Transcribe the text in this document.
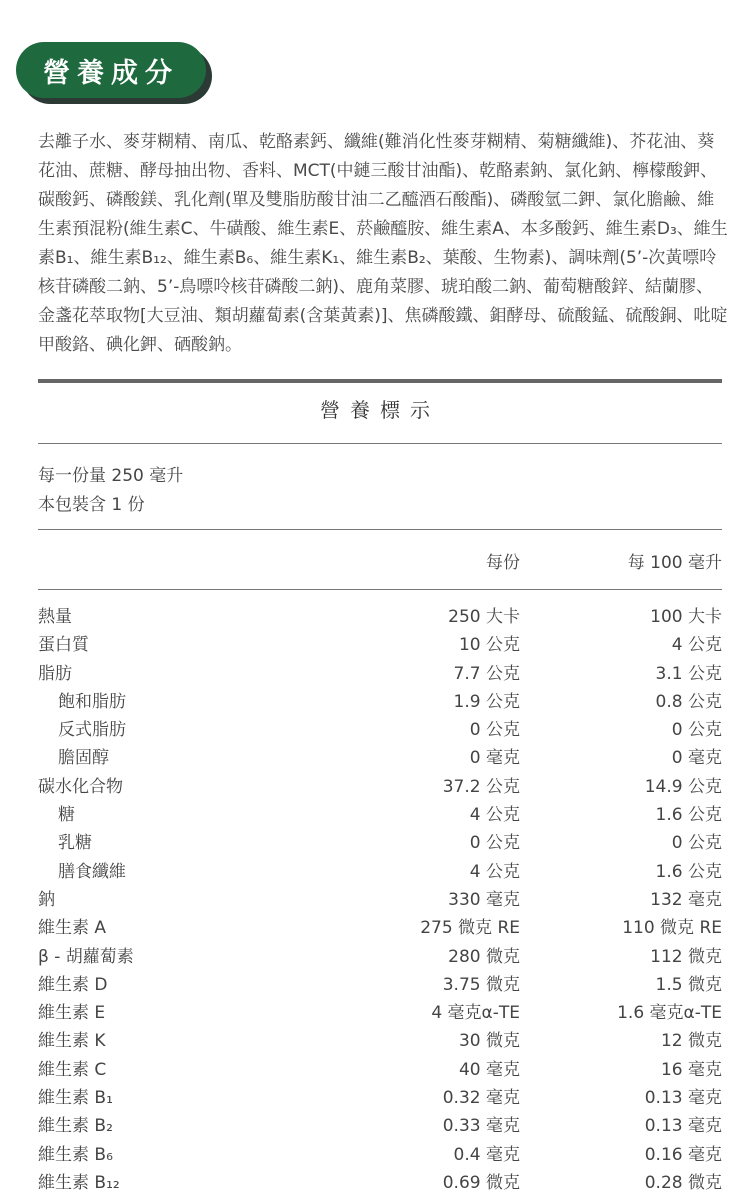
營養成分

去離子水、麥芽糊精、南瓜、乾酪素鈣、纖維(難消化性麥芽糊精、菊糖纖維)、芥花油、葵花油、蔗糖、酵母抽出物、香料、MCT(中鏈三酸甘油酯)、乾酪素鈉、氯化鈉、檸檬酸鉀、碳酸鈣、磷酸鎂、乳化劑(單及雙脂肪酸甘油二乙醯酒石酸酯)、磷酸氫二鉀、氯化膽鹼、維生素預混粉(維生素C、牛磺酸、維生素E、菸鹼醯胺、維生素A、本多酸鈣、維生素D₃、維生素B₁、維生素B₁₂、維生素B₆、維生素K₁、維生素B₂、葉酸、生物素)、調味劑(5’-次黃嘌呤核苷磷酸二鈉、5’-鳥嘌呤核苷磷酸二鈉)、鹿角菜膠、琥珀酸二鈉、葡萄糖酸鋅、結蘭膠、金盞花萃取物[大豆油、類胡蘿蔔素(含葉黃素)]、焦磷酸鐵、鉬酵母、硫酸錳、硫酸銅、吡啶甲酸鉻、碘化鉀、硒酸鈉。

營養標示
每一份量 250 毫升
本包裝含 1 份
每份	每 100 毫升
熱量	250 大卡	100 大卡
蛋白質	10 公克	4 公克
脂肪	7.7 公克	3.1 公克
飽和脂肪	1.9 公克	0.8 公克
反式脂肪	0 公克	0 公克
膽固醇	0 毫克	0 毫克
碳水化合物	37.2 公克	14.9 公克
糖	4 公克	1.6 公克
乳糖	0 公克	0 公克
膳食纖維	4 公克	1.6 公克
鈉	330 毫克	132 毫克
維生素 A	275 微克 RE	110 微克 RE
β - 胡蘿蔔素	280 微克	112 微克
維生素 D	3.75 微克	1.5 微克
維生素 E	4 毫克α-TE	1.6 毫克α-TE
維生素 K	30 微克	12 微克
維生素 C	40 毫克	16 毫克
維生素 B₁	0.32 毫克	0.13 毫克
維生素 B₂	0.33 毫克	0.13 毫克
維生素 B₆	0.4 毫克	0.16 毫克
維生素 B₁₂	0.69 微克	0.28 微克
